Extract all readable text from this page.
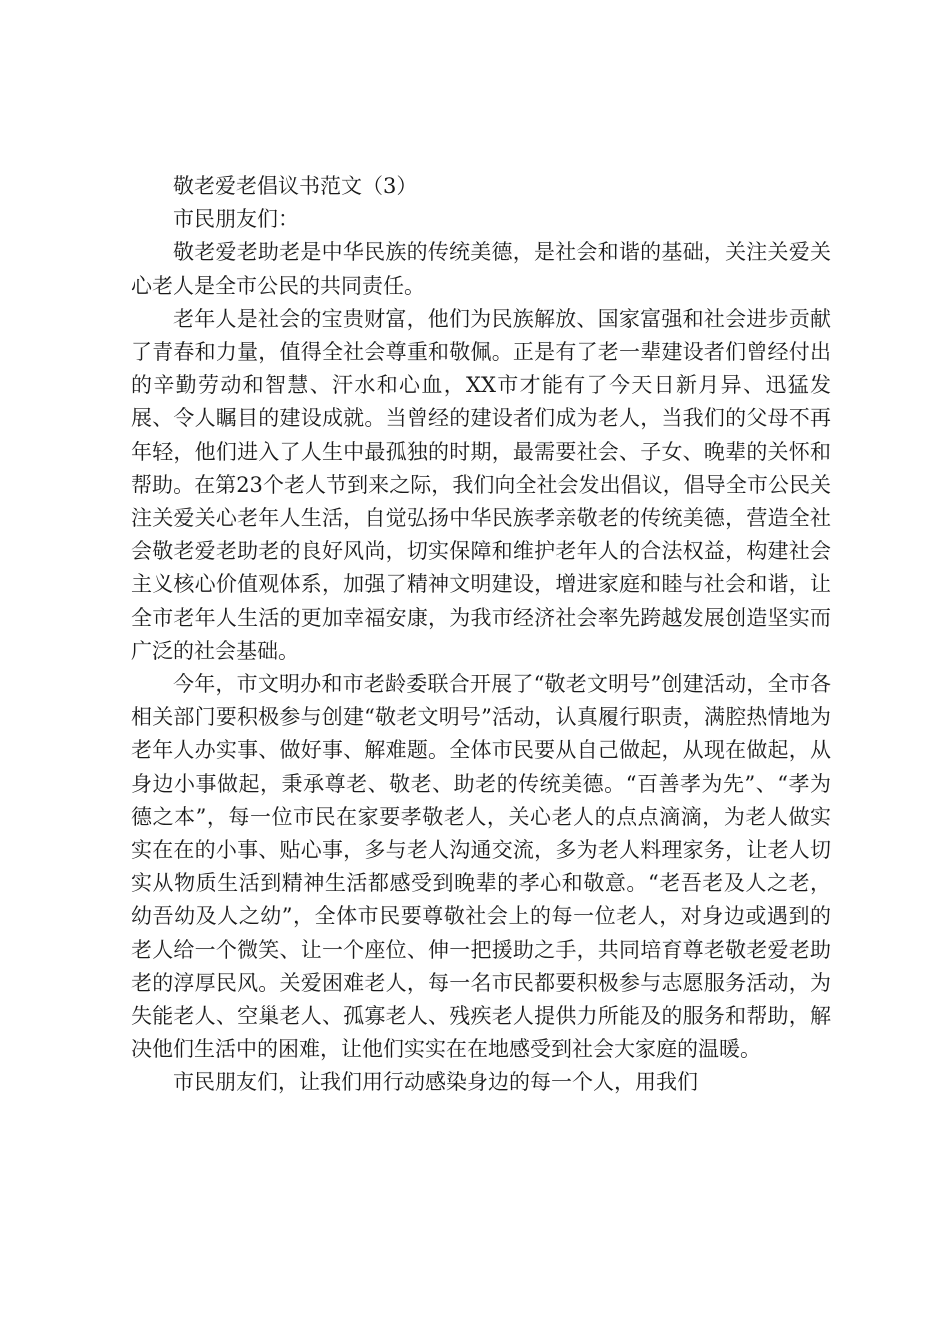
敬老爱老倡议书范文（3）

市民朋友们：

敬老爱老助老是中华民族的传统美德，是社会和谐的基础，关注关爱关心老人是全市公民的共同责任。

老年人是社会的宝贵财富，他们为民族解放、国家富强和社会进步贡献了青春和力量，值得全社会尊重和敬佩。正是有了老一辈建设者们曾经付出的辛勤劳动和智慧、汗水和心血，XX市才能有了今天日新月异、迅猛发展、令人瞩目的建设成就。当曾经的建设者们成为老人，当我们的父母不再年轻，他们进入了人生中最孤独的时期，最需要社会、子女、晚辈的关怀和帮助。在第23个老人节到来之际，我们向全社会发出倡议，倡导全市公民关注关爱关心老年人生活，自觉弘扬中华民族孝亲敬老的传统美德，营造全社会敬老爱老助老的良好风尚，切实保障和维护老年人的合法权益，构建社会主义核心价值观体系，加强了精神文明建设，增进家庭和睦与社会和谐，让全市老年人生活的更加幸福安康，为我市经济社会率先跨越发展创造坚实而广泛的社会基础。

今年，市文明办和市老龄委联合开展了“敬老文明号”创建活动，全市各相关部门要积极参与创建“敬老文明号”活动，认真履行职责，满腔热情地为老年人办实事、做好事、解难题。全体市民要从自己做起，从现在做起，从身边小事做起，秉承尊老、敬老、助老的传统美德。“百善孝为先”、“孝为德之本”，每一位市民在家要孝敬老人，关心老人的点点滴滴，为老人做实实在在的小事、贴心事，多与老人沟通交流，多为老人料理家务，让老人切实从物质生活到精神生活都感受到晚辈的孝心和敬意。“老吾老及人之老，幼吾幼及人之幼”，全体市民要尊敬社会上的每一位老人，对身边或遇到的老人给一个微笑、让一个座位、伸一把援助之手，共同培育尊老敬老爱老助老的淳厚民风。关爱困难老人，每一名市民都要积极参与志愿服务活动，为失能老人、空巢老人、孤寡老人、残疾老人提供力所能及的服务和帮助，解决他们生活中的困难，让他们实实在在地感受到社会大家庭的温暖。

市民朋友们，让我们用行动感染身边的每一个人，用我们
